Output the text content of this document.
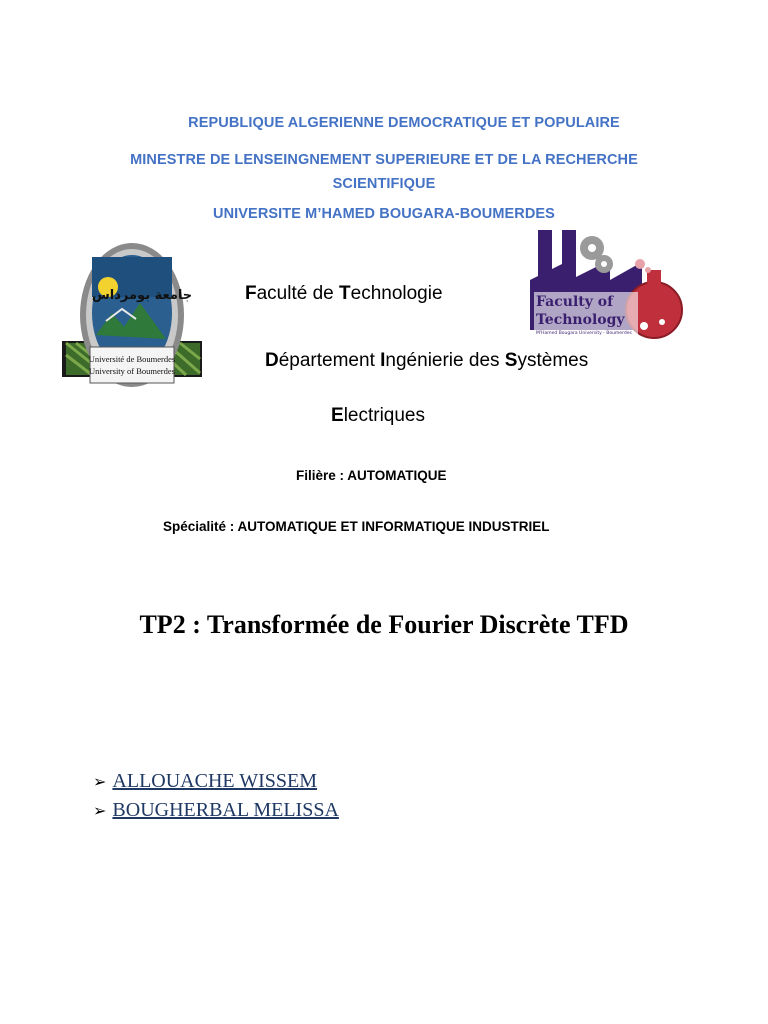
REPUBLIQUE ALGERIENNE DEMOCRATIQUE ET POPULAIRE
MINESTRE DE LENSEINGNEMENT SUPERIEURE ET DE LA RECHERCHE
SCIENTIFIQUE
UNIVERSITE M’HAMED BOUGARA-BOUMERDES
جامعة بومرداس
Université de Boumerdes
University of Boumerdes
Faculty of
Technology
M'Hamed Bougara University - Boumerdes
Faculté de Technologie
Département Ingénierie des Systèmes
Electriques
Filière : AUTOMATIQUE
Spécialité : AUTOMATIQUE ET INFORMATIQUE INDUSTRIEL
TP2 : Transformée de Fourier Discrète TFD
➢ ALLOUACHE WISSEM
➢ BOUGHERBAL MELISSA
